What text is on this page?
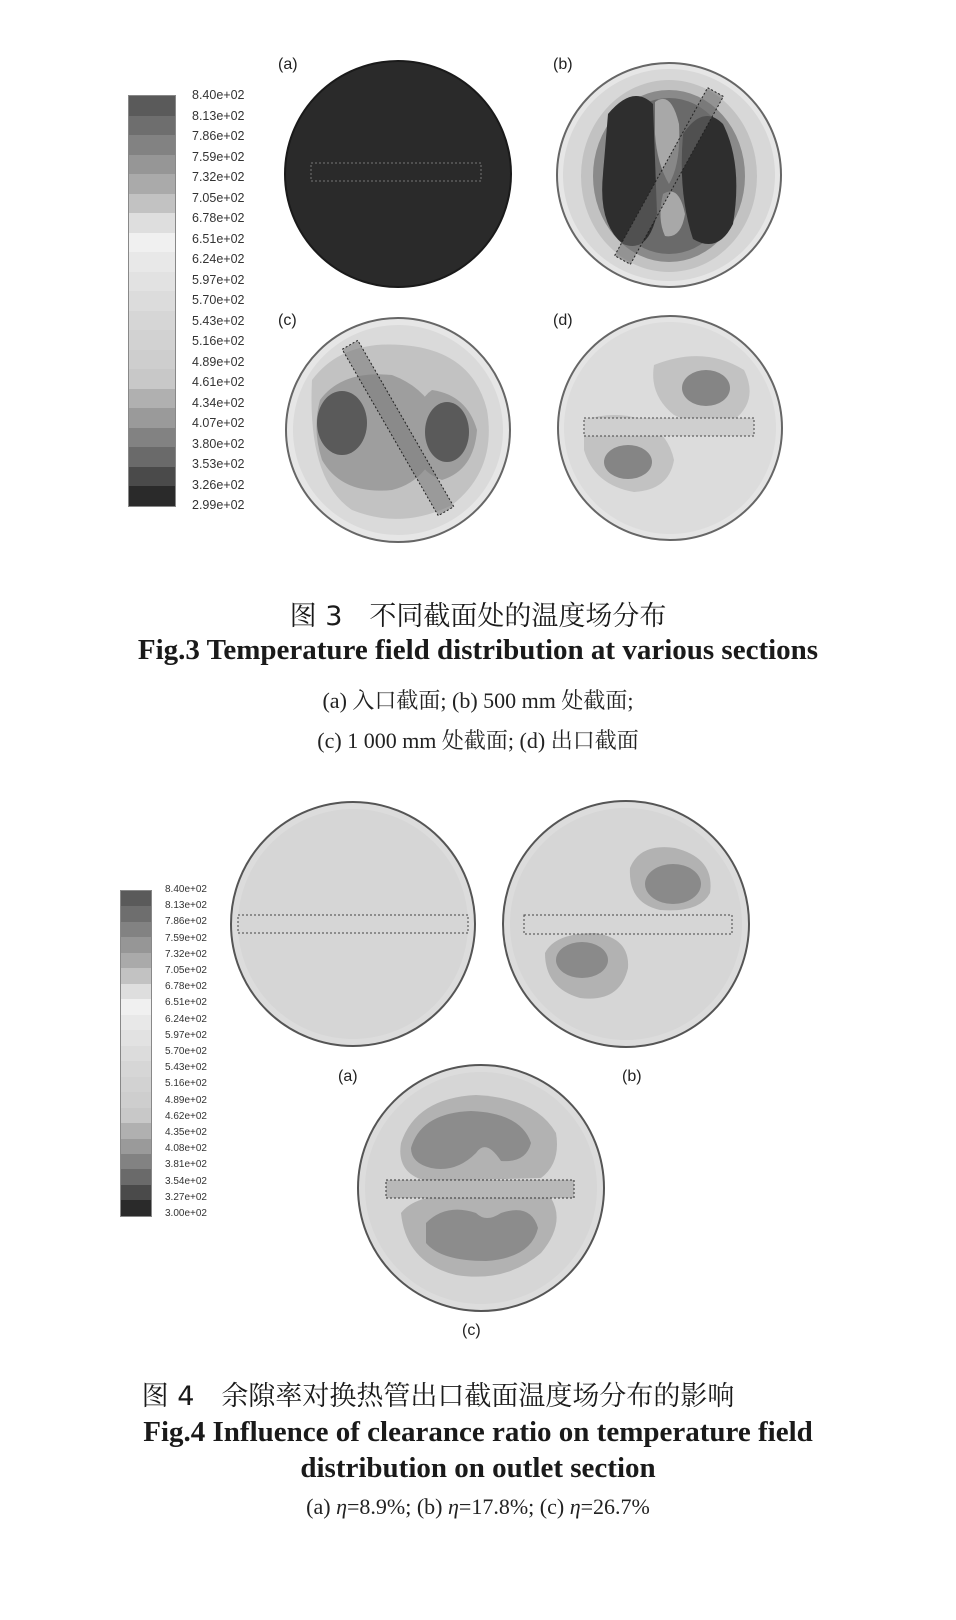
8.40e+02
8.13e+02
7.86e+02
7.59e+02
7.32e+02
7.05e+02
6.78e+02
6.51e+02
6.24e+02
5.97e+02
5.70e+02
5.43e+02
5.16e+02
4.89e+02
4.61e+02
4.34e+02
4.07e+02
3.80e+02
3.53e+02
3.26e+02
2.99e+02
(a)	(b)
(c)	(d)
图 3　不同截面处的温度场分布
Fig.3 Temperature field distribution at various sections
(a) 入口截面; (b) 500 mm 处截面;
(c) 1 000 mm 处截面; (d) 出口截面
8.40e+02
8.13e+02
7.86e+02
7.59e+02
7.32e+02
7.05e+02
6.78e+02
6.51e+02
6.24e+02
5.97e+02
5.70e+02
5.43e+02
5.16e+02
4.89e+02
4.62e+02
4.35e+02
4.08e+02
3.81e+02
3.54e+02
3.27e+02
3.00e+02
(a)	(b)
(c)
图 4　余隙率对换热管出口截面温度场分布的影响
Fig.4 Influence of clearance ratio on temperature field
distribution on outlet section
(a) η=8.9%; (b) η=17.8%; (c) η=26.7%
